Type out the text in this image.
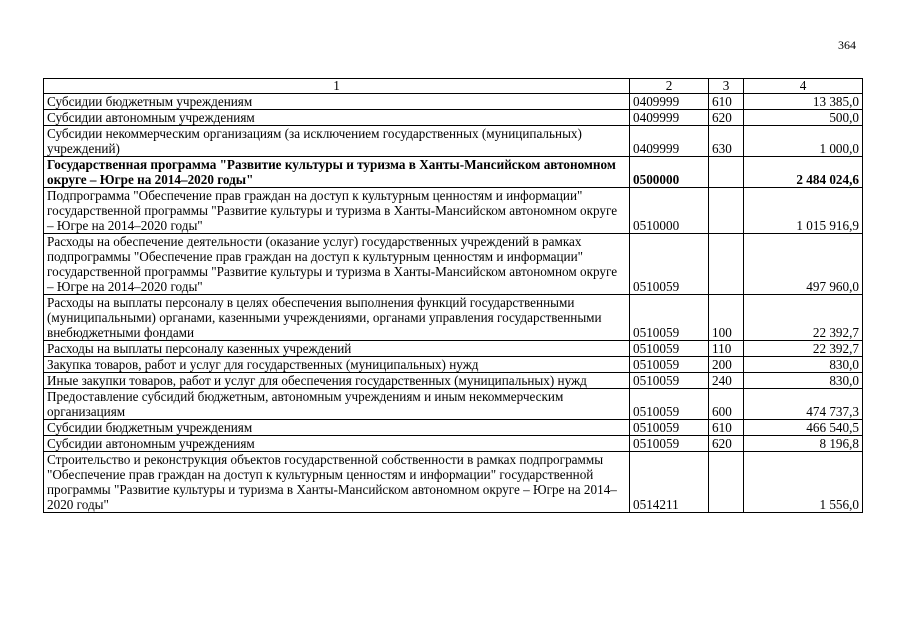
364
1	2	3	4
Субсидии бюджетным учреждениям	0409999	610	13 385,0
Субсидии автономным учреждениям	0409999	620	500,0
Субсидии некоммерческим организациям (за исключением государственных (муниципальных) учреждений)	0409999	630	1 000,0
Государственная программа "Развитие культуры и туризма в Ханты-Мансийском автономном округе – Югре на 2014–2020 годы"	0500000		2 484 024,6
Подпрограмма "Обеспечение прав граждан на доступ к культурным ценностям и информации" государственной программы "Развитие культуры и туризма в Ханты-Мансийском автономном округе – Югре на 2014–2020 годы"	0510000		1 015 916,9
Расходы на обеспечение деятельности (оказание услуг) государственных учреждений в рамках подпрограммы "Обеспечение прав граждан на доступ к культурным ценностям и информации" государственной программы "Развитие культуры и туризма в Ханты-Мансийском автономном округе – Югре на 2014–2020 годы"	0510059		497 960,0
Расходы на выплаты персоналу в целях обеспечения выполнения функций государственными (муниципальными) органами, казенными учреждениями, органами управления государственными внебюджетными фондами	0510059	100	22 392,7
Расходы на выплаты персоналу казенных учреждений	0510059	110	22 392,7
Закупка товаров, работ и услуг для государственных (муниципальных) нужд	0510059	200	830,0
Иные закупки товаров, работ и услуг для обеспечения государственных (муниципальных) нужд	0510059	240	830,0
Предоставление субсидий бюджетным, автономным учреждениям и иным некоммерческим организациям	0510059	600	474 737,3
Субсидии бюджетным учреждениям	0510059	610	466 540,5
Субсидии автономным учреждениям	0510059	620	8 196,8
Строительство и реконструкция объектов государственной собственности в рамках подпрограммы "Обеспечение прав граждан на доступ к культурным ценностям и информации" государственной программы "Развитие культуры и туризма в Ханты-Мансийском автономном округе – Югре на 2014–2020 годы"	0514211		1 556,0
